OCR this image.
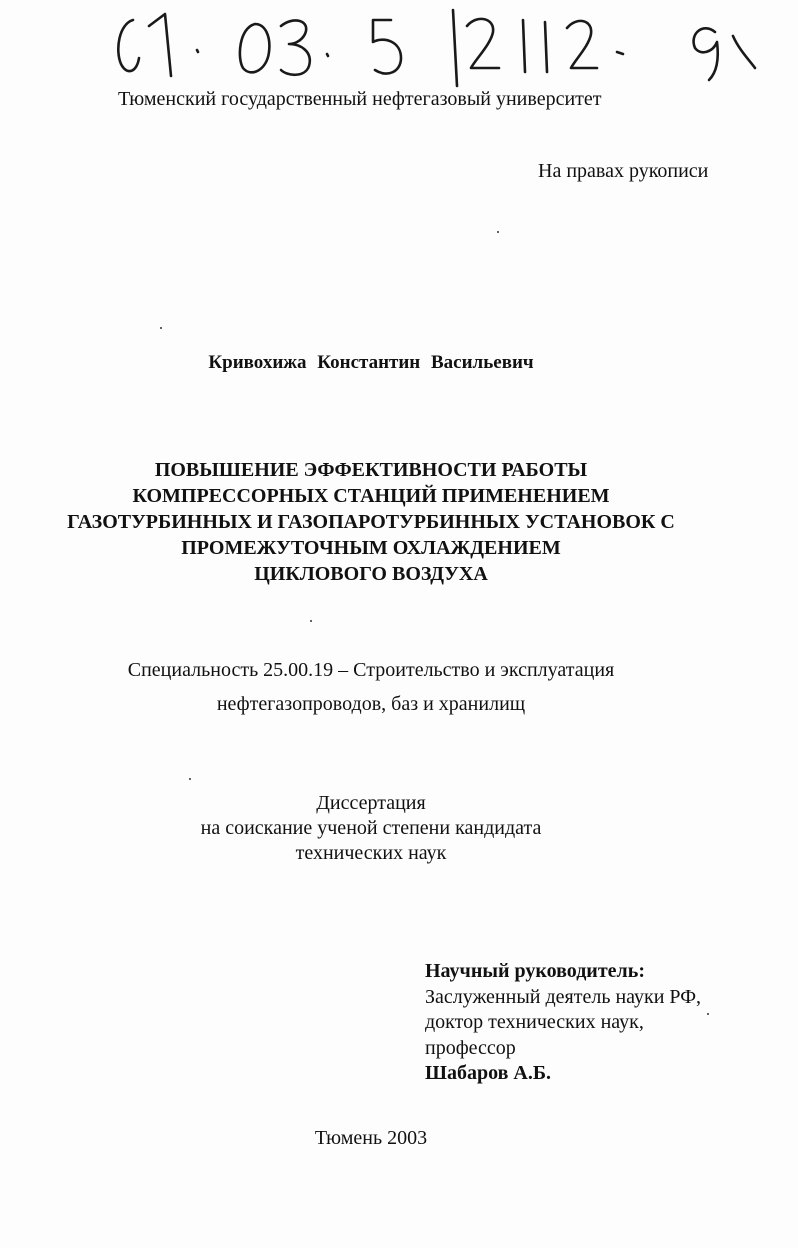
Тюменский государственный нефтегазовый университет
На правах рукописи
Кривохижа Константин Васильевич
ПОВЫШЕНИЕ ЭФФЕКТИВНОСТИ РАБОТЫ
КОМПРЕССОРНЫХ СТАНЦИЙ ПРИМЕНЕНИЕМ
ГАЗОТУРБИННЫХ И ГАЗОПАРОТУРБИННЫХ УСТАНОВОК С
ПРОМЕЖУТОЧНЫМ ОХЛАЖДЕНИЕМ
ЦИКЛОВОГО ВОЗДУХА
Специальность 25.00.19 – Строительство и эксплуатация
нефтегазопроводов, баз и хранилищ
Диссертация
на соискание ученой степени кандидата
технических наук
Научный руководитель:
Заслуженный деятель науки РФ,
доктор технических наук,
профессор
Шабаров А.Б.
Тюмень 2003
